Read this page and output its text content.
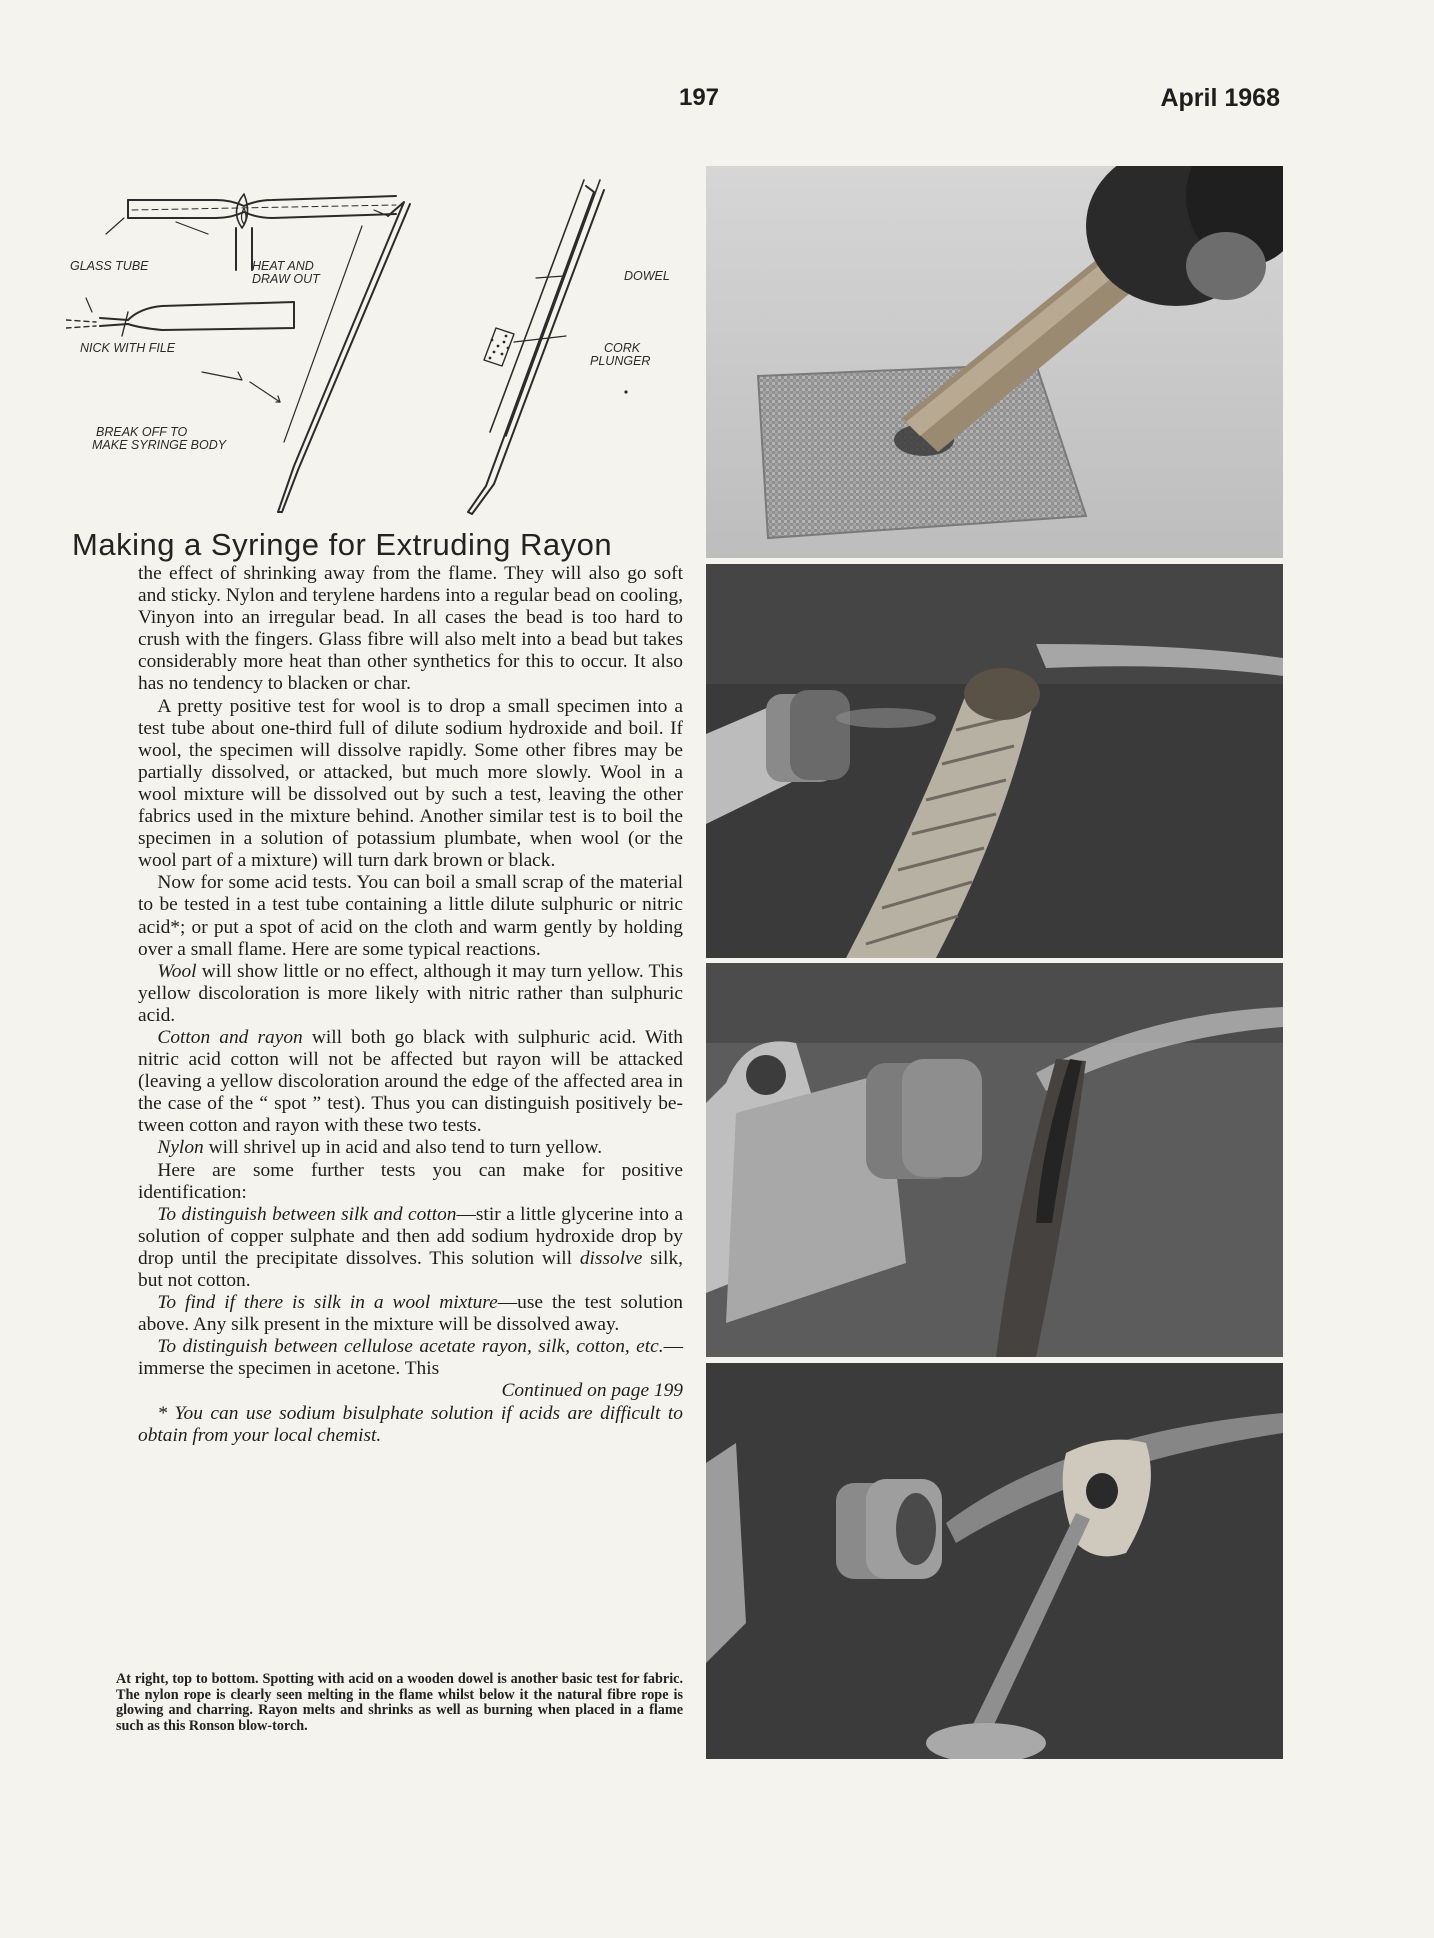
197	April 1968
GLASS TUBE	HEAT AND
DRAW OUT
NICK WITH FILE
BREAK OFF TO
MAKE SYRINGE BODY
DOWEL
CORK
PLUNGER
Making a Syringe for Extruding Rayon

the effect of shrinking away from the flame. They will also go soft and sticky. Nylon and terylene hardens into a regular bead on cooling, Vinyon into an irregular bead. In all cases the bead is too hard to crush with the fingers. Glass fibre will also melt into a bead but takes considerably more heat than other synthetics for this to occur. It also has no tendency to blacken or char.

A pretty positive test for wool is to drop a small specimen into a test tube about one-third full of dilute sodium hydroxide and boil. If wool, the specimen will dissolve rapidly. Some other fibres may be partially dissolved, or attacked, but much more slowly. Wool in a wool mixture will be dissolved out by such a test, leaving the other fabrics used in the mixture behind. Another similar test is to boil the specimen in a solution of potassium plumbate, when wool (or the wool part of a mixture) will turn dark brown or black.

Now for some acid tests. You can boil a small scrap of the material to be tested in a test tube containing a little dilute sulphuric or nitric acid*; or put a spot of acid on the cloth and warm gently by holding over a small flame. Here are some typical reactions.

Wool will show little or no effect, although it may turn yellow. This yellow discoloration is more likely with nitric rather than sulphuric acid.

Cotton and rayon will both go black with sulphuric acid. With nitric acid cotton will not be affected but rayon will be attacked (leaving a yellow discoloration around the edge of the affected area in the case of the “ spot ” test). Thus you can distinguish positively between cotton and rayon with these two tests.

Nylon will shrivel up in acid and also tend to turn yellow.

Here are some further tests you can make for positive identification:

To distinguish between silk and cotton—stir a little glycerine into a solution of copper sulphate and then add sodium hydroxide drop by drop until the precipitate dissolves. This solution will dissolve silk, but not cotton.

To find if there is silk in a wool mixture—use the test solution above. Any silk present in the mixture will be dissolved away.

To distinguish between cellulose acetate rayon, silk, cotton, etc.—immerse the specimen in acetone. This

Continued on page 199

* You can use sodium bisulphate solution if acids are difficult to obtain from your local chemist.

At right, top to bottom. Spotting with acid on a wooden dowel is another basic test for fabric. The nylon rope is clearly seen melting in the flame whilst below it the natural fibre rope is glowing and charring. Rayon melts and shrinks as well as burning when placed in a flame such as this Ronson blow-torch.
